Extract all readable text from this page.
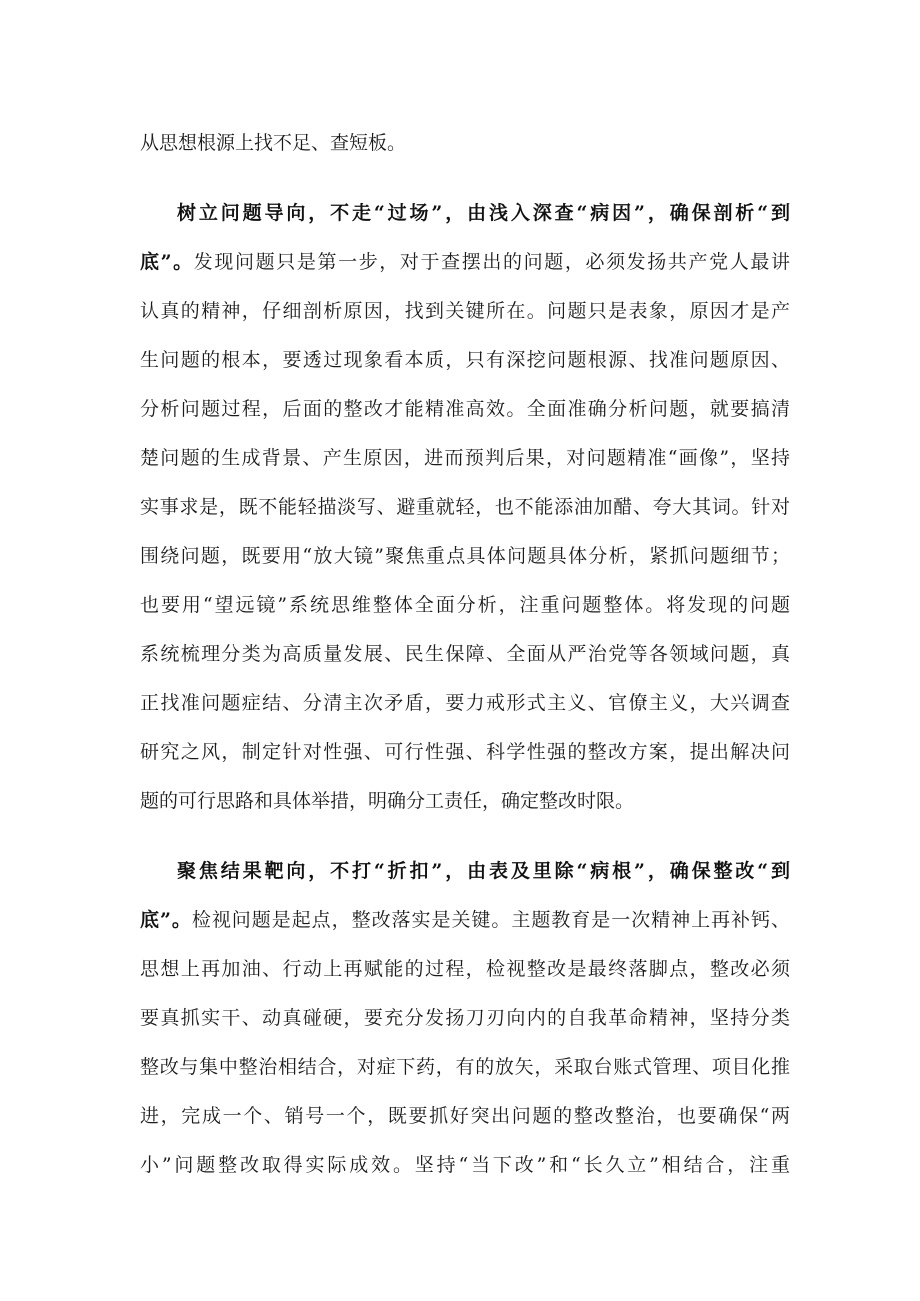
从思想根源上找不足、查短板。
树立问题导向，不走“过场”，由浅入深查“病因”，确保剖析“到
底”。发现问题只是第一步，对于查摆出的问题，必须发扬共产党人最讲
认真的精神，仔细剖析原因，找到关键所在。问题只是表象，原因才是产
生问题的根本，要透过现象看本质，只有深挖问题根源、找准问题原因、
分析问题过程，后面的整改才能精准高效。全面准确分析问题，就要搞清
楚问题的生成背景、产生原因，进而预判后果，对问题精准“画像”，坚持
实事求是，既不能轻描淡写、避重就轻，也不能添油加醋、夸大其词。针对
围绕问题，既要用“放大镜”聚焦重点具体问题具体分析，紧抓问题细节；
也要用“望远镜”系统思维整体全面分析，注重问题整体。将发现的问题
系统梳理分类为高质量发展、民生保障、全面从严治党等各领域问题，真
正找准问题症结、分清主次矛盾，要力戒形式主义、官僚主义，大兴调查
研究之风，制定针对性强、可行性强、科学性强的整改方案，提出解决问
题的可行思路和具体举措，明确分工责任，确定整改时限。
聚焦结果靶向，不打“折扣”，由表及里除“病根”，确保整改“到
底”。检视问题是起点，整改落实是关键。主题教育是一次精神上再补钙、
思想上再加油、行动上再赋能的过程，检视整改是最终落脚点，整改必须
要真抓实干、动真碰硬，要充分发扬刀刃向内的自我革命精神，坚持分类
整改与集中整治相结合，对症下药，有的放矢，采取台账式管理、项目化推
进，完成一个、销号一个，既要抓好突出问题的整改整治，也要确保“两
小”问题整改取得实际成效。坚持“当下改”和“长久立”相结合，注重
